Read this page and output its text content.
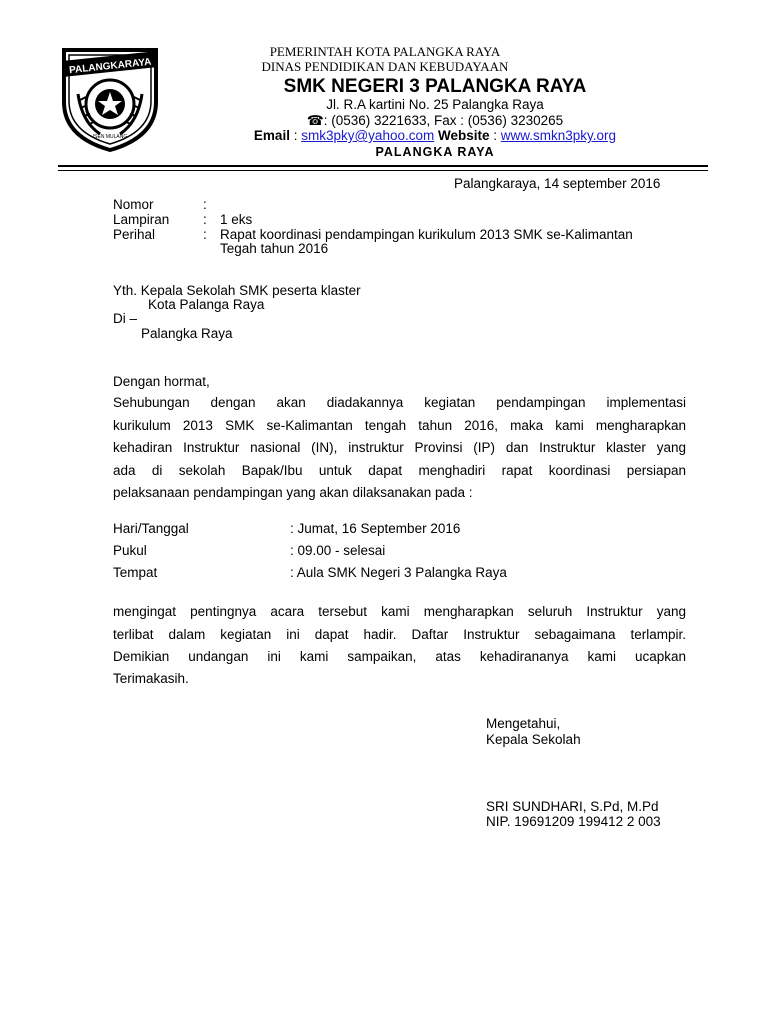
PALANGKARAYA
ISEN MULANG
PEMERINTAH KOTA PALANGKA RAYA
DINAS PENDIDIKAN DAN KEBUDAYAAN
SMK NEGERI 3 PALANGKA RAYA
Jl. R.A kartini No. 25 Palangka Raya
☎: (0536) 3221633, Fax : (0536) 3230265
Email : smk3pky@yahoo.com Website : www.smkn3pky.org
PALANGKA RAYA
Palangkaraya, 14 september 2016
Nomor	:
Lampiran : 1 eks
Perihal	: Rapat koordinasi pendampingan kurikulum 2013 SMK se-Kalimantan
Tegah tahun 2016
Yth. Kepala Sekolah SMK peserta klaster
Kota Palanga Raya
Di –
Palangka Raya
Dengan hormat,
Sehubungan dengan akan diadakannya kegiatan pendampingan implementasi
kurikulum 2013 SMK se-Kalimantan tengah tahun 2016, maka kami mengharapkan
kehadiran Instruktur nasional (IN), instruktur Provinsi (IP) dan Instruktur klaster yang
ada di sekolah Bapak/Ibu untuk dapat menghadiri rapat koordinasi persiapan
pelaksanaan pendampingan yang akan dilaksanakan pada :
Hari/Tanggal	: Jumat, 16 September 2016
Pukul	: 09.00 - selesai
Tempat	: Aula SMK Negeri 3 Palangka Raya
mengingat pentingnya acara tersebut kami mengharapkan seluruh Instruktur yang
terlibat dalam kegiatan ini dapat hadir. Daftar Instruktur sebagaimana terlampir.
Demikian undangan ini kami sampaikan, atas kehadirananya kami ucapkan
Terimakasih.
Mengetahui,
Kepala Sekolah
SRI SUNDHARI, S.Pd, M.Pd
NIP. 19691209 199412 2 003
